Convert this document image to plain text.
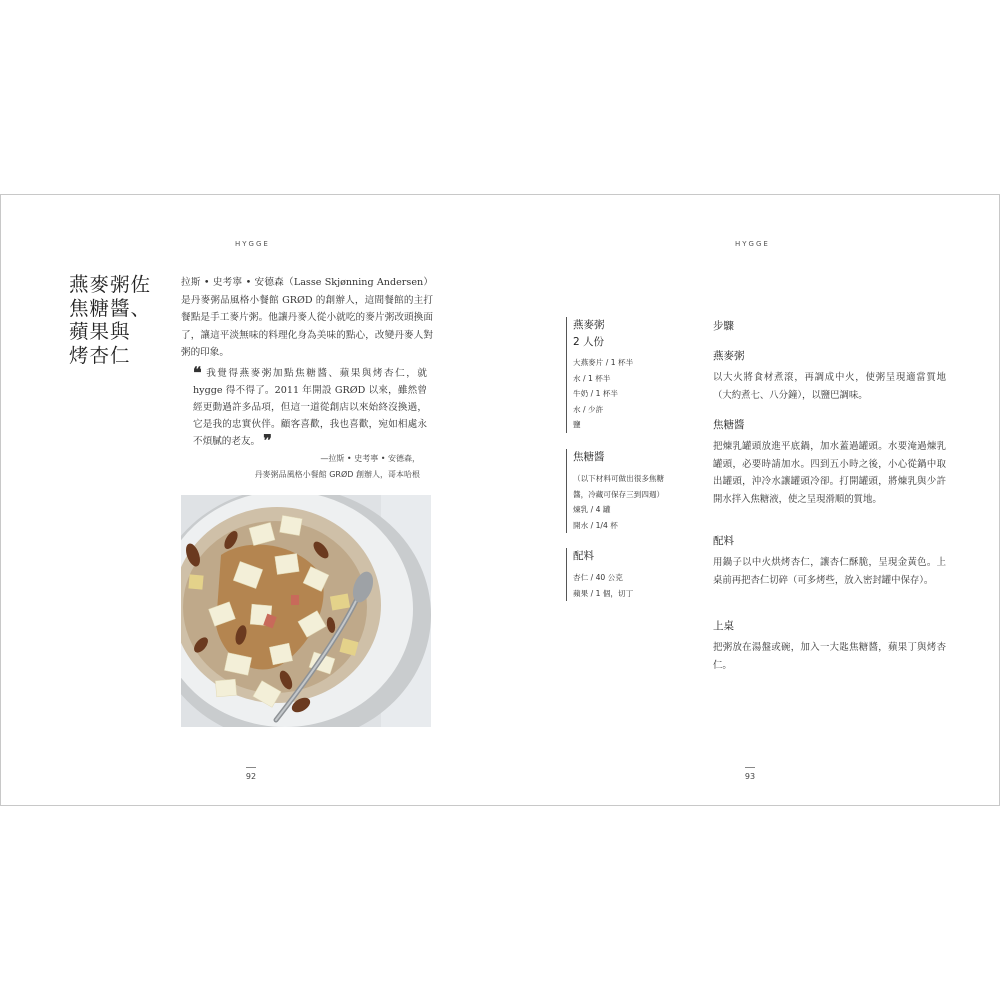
HYGGE
燕麥粥佐
焦糖醬、
蘋果與
烤杏仁
拉斯 • 史考寧 • 安德森（Lasse Skjønning Andersen）是丹麥粥品風格小餐館 GRØD 的創辦人，這間餐館的主打餐點是手工麥片粥。他讓丹麥人從小就吃的麥片粥改頭換面了，讓這平淡無味的料理化身為美味的點心，改變丹麥人對粥的印象。
❝ 我覺得燕麥粥加點焦糖醬、蘋果與烤杏仁，就 hygge 得不得了。2011 年開設 GRØD 以來，雖然曾經更動過許多品項，但這一道從創店以來始終沒換過，它是我的忠實伙伴。顧客喜歡，我也喜歡，宛如相處永不煩膩的老友。 ❞
—拉斯 • 史考寧 • 安德森，
丹麥粥品風格小餐館 GRØD 創辦人，哥本哈根
92
HYGGE
燕麥粥
2 人份
大燕麥片 / 1 杯半
水 / 1 杯半
牛奶 / 1 杯半
水 / 少許
鹽
焦糖醬
（以下材料可做出很多焦糖
醬，冷藏可保存三到四週）
煉乳 / 4 罐
開水 / 1/4 杯
配料
杏仁 / 40 公克
蘋果 / 1 個，切丁
步驟
燕麥粥
以大火將食材煮滾，再調成中火，使粥呈現適當質地（大約煮七、八分鐘），以鹽巴調味。
焦糖醬
把煉乳罐頭放進平底鍋，加水蓋過罐頭。水要淹過煉乳罐頭，必要時請加水。四到五小時之後，小心從鍋中取出罐頭，沖冷水讓罐頭冷卻。打開罐頭，將煉乳與少許開水拌入焦糖液，使之呈現滑順的質地。
配料
用鍋子以中火烘烤杏仁，讓杏仁酥脆，呈現金黃色。上桌前再把杏仁切碎（可多烤些，放入密封罐中保存）。
上桌
把粥放在湯盤或碗，加入一大匙焦糖醬，蘋果丁與烤杏仁。
93
